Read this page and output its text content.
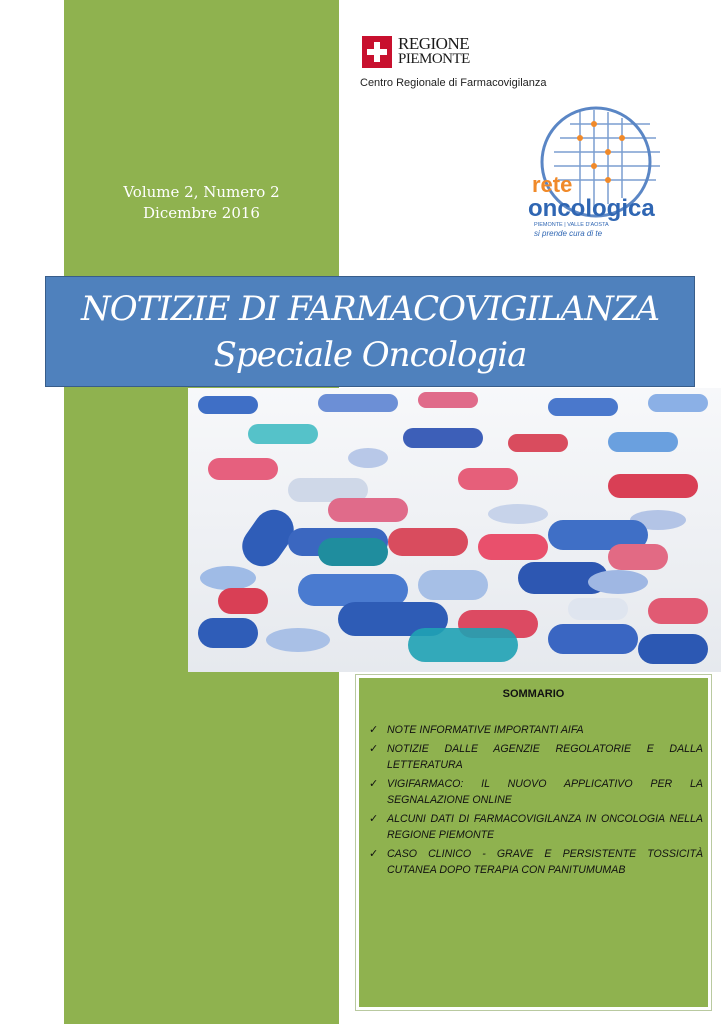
Volume 2, Numero 2
Dicembre 2016
REGIONE
PIEMONTE
Centro Regionale di Farmacovigilanza
rete
oncologica
PIEMONTE | VALLE D'AOSTA
si prende cura di te
NOTIZIE DI FARMACOVIGILANZA
Speciale Oncologia
SOMMARIO
✓ NOTE INFORMATIVE IMPORTANTI AIFA
✓ NOTIZIE DALLE AGENZIE REGOLATORIE E DALLA LETTERATURA
✓ VIGIFARMACO: IL NUOVO APPLICATIVO PER LA SEGNALAZIONE ONLINE
✓ ALCUNI DATI DI FARMACOVIGILANZA IN ONCOLOGIA NELLA REGIONE PIEMONTE
✓ CASO CLINICO - GRAVE E PERSISTENTE TOSSICITÀ CUTANEA DOPO TERAPIA CON PANITUMUMAB
